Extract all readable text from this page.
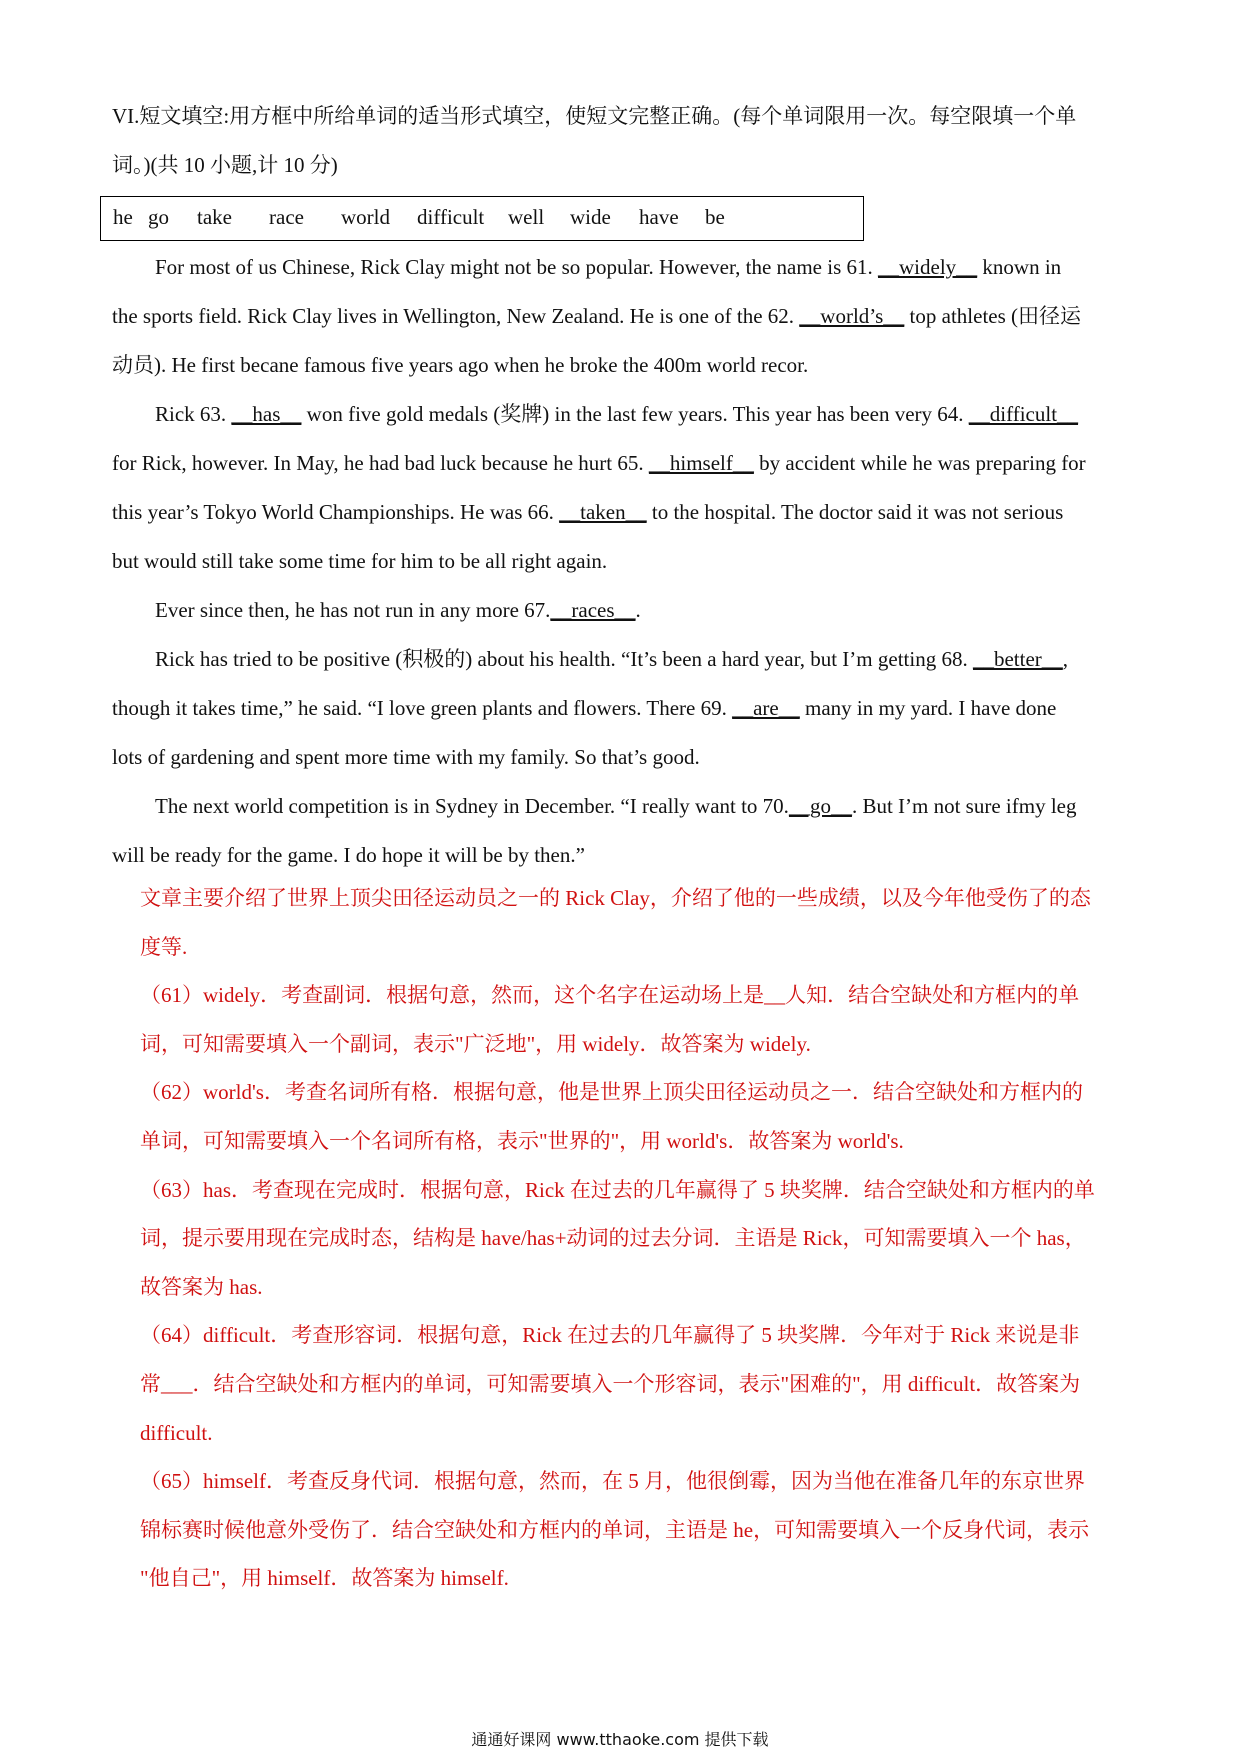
VI.短文填空:用方框中所给单词的适当形式填空，使短文完整正确。(每个单词限用一次。每空限填一个单
词。)(共 10 小题,计 10 分)
he go take race world difficult well wide have be
For most of us Chinese, Rick Clay might not be so popular. However, the name is 61. __widely__ known in
the sports field. Rick Clay lives in Wellington, New Zealand. He is one of the 62. __world’s__ top athletes (田径运
动员). He first becane famous five years ago when he broke the 400m world recor.
Rick 63. __has__ won five gold medals (奖牌) in the last few years. This year has been very 64. __difficult__
for Rick, however. In May, he had bad luck because he hurt 65. __himself__ by accident while he was preparing for
this year’s Tokyo World Championships. He was 66. __taken__ to the hospital. The doctor said it was not serious
but would still take some time for him to be all right again.
Ever since then, he has not run in any more 67.__races__.
Rick has tried to be positive (积极的) about his health. “It’s been a hard year, but I’m getting 68. __better__,
though it takes time,” he said. “I love green plants and flowers. There 69. __are__ many in my yard. I have done
lots of gardening and spent more time with my family. So that’s good.
The next world competition is in Sydney in December. “I really want to 70.__go__. But I’m not sure ifmy leg
will be ready for the game. I do hope it will be by then.”
文章主要介绍了世界上顶尖田径运动员之一的 Rick Clay，介绍了他的一些成绩，以及今年他受伤了的态
度等.
（61）widely．考查副词．根据句意，然而，这个名字在运动场上是__人知．结合空缺处和方框内的单
词，可知需要填入一个副词，表示"广泛地"，用 widely．故答案为 widely.
（62）world's．考查名词所有格．根据句意，他是世界上顶尖田径运动员之一．结合空缺处和方框内的
单词，可知需要填入一个名词所有格，表示"世界的"，用 world's．故答案为 world's.
（63）has．考查现在完成时．根据句意，Rick 在过去的几年赢得了 5 块奖牌．结合空缺处和方框内的单
词，提示要用现在完成时态，结构是 have/has+动词的过去分词．主语是 Rick，可知需要填入一个 has，
故答案为 has.
（64）difficult．考查形容词．根据句意，Rick 在过去的几年赢得了 5 块奖牌．今年对于 Rick 来说是非
常___．结合空缺处和方框内的单词，可知需要填入一个形容词，表示"困难的"，用 difficult．故答案为
difficult.
（65）himself．考查反身代词．根据句意，然而，在 5 月，他很倒霉，因为当他在准备几年的东京世界
锦标赛时候他意外受伤了．结合空缺处和方框内的单词，主语是 he，可知需要填入一个反身代词，表示
"他自己"，用 himself．故答案为 himself.
通通好课网 www.tthaoke.com 提供下载
